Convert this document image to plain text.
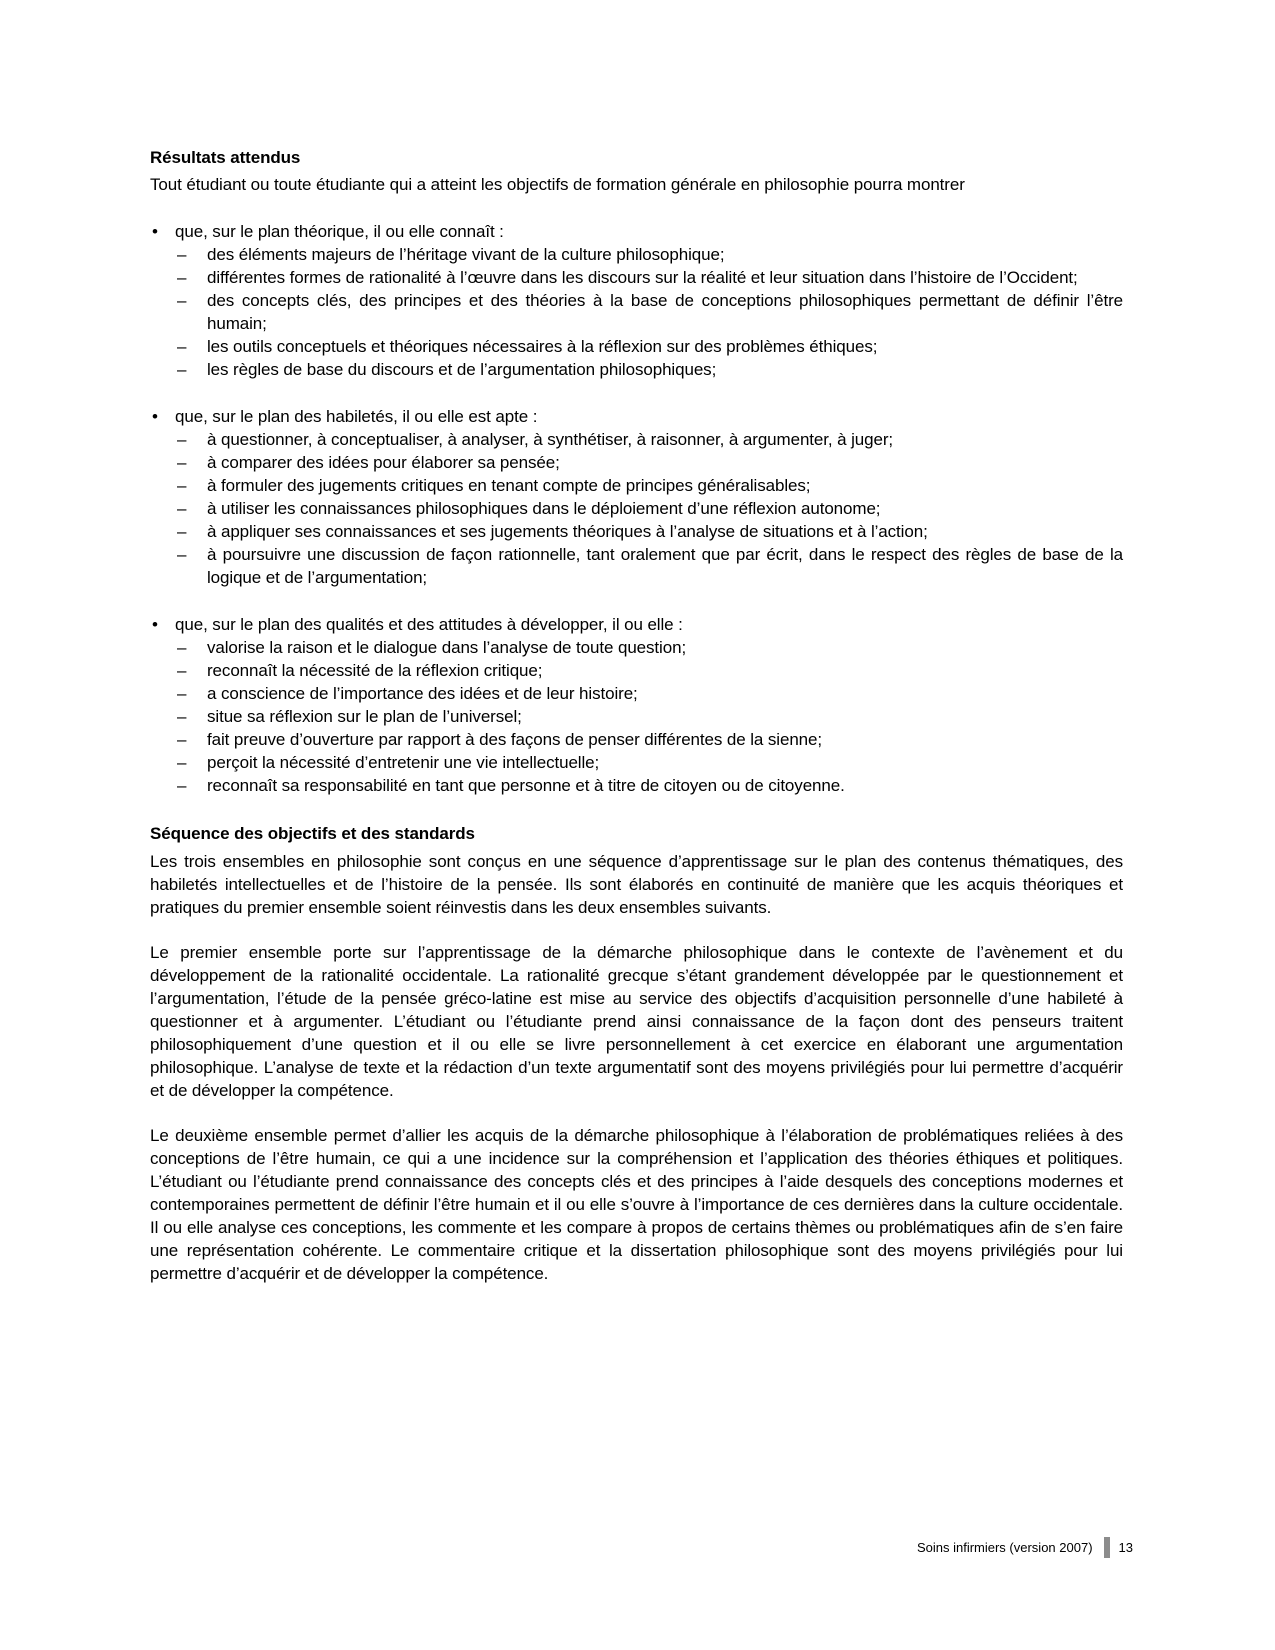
Résultats attendus

Tout étudiant ou toute étudiante qui a atteint les objectifs de formation générale en philosophie pourra montrer

• que, sur le plan théorique, il ou elle connaît :
– des éléments majeurs de l’héritage vivant de la culture philosophique;
– différentes formes de rationalité à l’œuvre dans les discours sur la réalité et leur situation dans l’histoire de l’Occident;
– des concepts clés, des principes et des théories à la base de conceptions philosophiques permettant de définir l’être humain;
– les outils conceptuels et théoriques nécessaires à la réflexion sur des problèmes éthiques;
– les règles de base du discours et de l’argumentation philosophiques;
• que, sur le plan des habiletés, il ou elle est apte :
– à questionner, à conceptualiser, à analyser, à synthétiser, à raisonner, à argumenter, à juger;
– à comparer des idées pour élaborer sa pensée;
– à formuler des jugements critiques en tenant compte de principes généralisables;
– à utiliser les connaissances philosophiques dans le déploiement d’une réflexion autonome;
– à appliquer ses connaissances et ses jugements théoriques à l’analyse de situations et à l’action;
– à poursuivre une discussion de façon rationnelle, tant oralement que par écrit, dans le respect des règles de base de la logique et de l’argumentation;
• que, sur le plan des qualités et des attitudes à développer, il ou elle :
– valorise la raison et le dialogue dans l’analyse de toute question;
– reconnaît la nécessité de la réflexion critique;
– a conscience de l’importance des idées et de leur histoire;
– situe sa réflexion sur le plan de l’universel;
– fait preuve d’ouverture par rapport à des façons de penser différentes de la sienne;
– perçoit la nécessité d’entretenir une vie intellectuelle;
– reconnaît sa responsabilité en tant que personne et à titre de citoyen ou de citoyenne.
Séquence des objectifs et des standards

Les trois ensembles en philosophie sont conçus en une séquence d’apprentissage sur le plan des contenus thématiques, des habiletés intellectuelles et de l’histoire de la pensée. Ils sont élaborés en continuité de manière que les acquis théoriques et pratiques du premier ensemble soient réinvestis dans les deux ensembles suivants.

Le premier ensemble porte sur l’apprentissage de la démarche philosophique dans le contexte de l’avènement et du développement de la rationalité occidentale. La rationalité grecque s’étant grandement développée par le questionnement et l’argumentation, l’étude de la pensée gréco-latine est mise au service des objectifs d’acquisition personnelle d’une habileté à questionner et à argumenter. L’étudiant ou l’étudiante prend ainsi connaissance de la façon dont des penseurs traitent philosophiquement d’une question et il ou elle se livre personnellement à cet exercice en élaborant une argumentation philosophique. L’analyse de texte et la rédaction d’un texte argumentatif sont des moyens privilégiés pour lui permettre d’acquérir et de développer la compétence.

Le deuxième ensemble permet d’allier les acquis de la démarche philosophique à l’élaboration de problématiques reliées à des conceptions de l’être humain, ce qui a une incidence sur la compréhension et l’application des théories éthiques et politiques. L’étudiant ou l’étudiante prend connaissance des concepts clés et des principes à l’aide desquels des conceptions modernes et contemporaines permettent de définir l’être humain et il ou elle s’ouvre à l’importance de ces dernières dans la culture occidentale. Il ou elle analyse ces conceptions, les commente et les compare à propos de certains thèmes ou problématiques afin de s’en faire une représentation cohérente. Le commentaire critique et la dissertation philosophique sont des moyens privilégiés pour lui permettre d’acquérir et de développer la compétence.

Soins infirmiers (version 2007) 13
